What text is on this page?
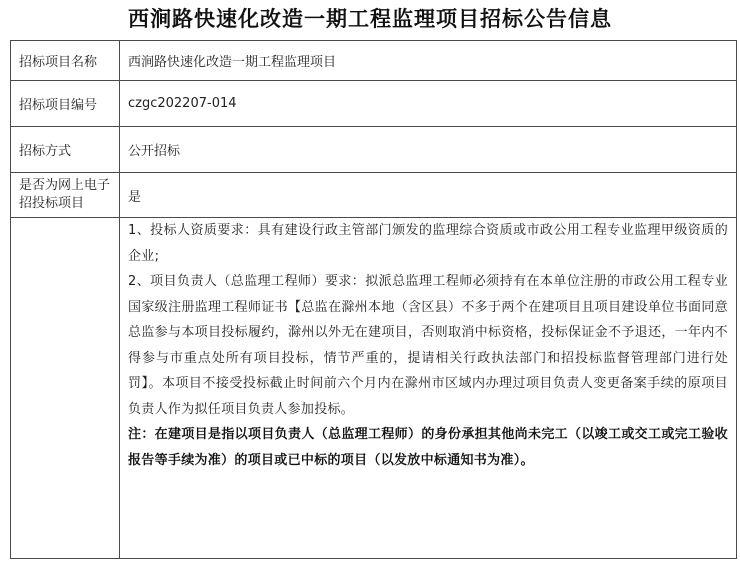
西涧路快速化改造一期工程监理项目招标公告信息
招标项目名称	西涧路快速化改造一期工程监理项目
招标项目编号	czgc202207-014
招标方式	公开招标
是否为网上电子招投标项目	是

	1、投标人资质要求：具有建设行政主管部门颁发的监理综合资质或市政公用工程专业监理甲级资质的企业;

2、项目负责人（总监理工程师）要求：拟派总监理工程师必须持有在本单位注册的市政公用工程专业国家级注册监理工程师证书【总监在滁州本地（含区县）不多于两个在建项目且项目建设单位书面同意总监参与本项目投标履约，滁州以外无在建项目，否则取消中标资格，投标保证金不予退还，一年内不得参与市重点处所有项目投标，情节严重的，提请相关行政执法部门和招投标监督管理部门进行处罚】。本项目不接受投标截止时间前六个月内在滁州市区域内办理过项目负责人变更备案手续的原项目负责人作为拟任项目负责人参加投标。

注：在建项目是指以项目负责人（总监理工程师）的身份承担其他尚未完工（以竣工或交工或完工验收报告等手续为准）的项目或已中标的项目（以发放中标通知书为准）。
